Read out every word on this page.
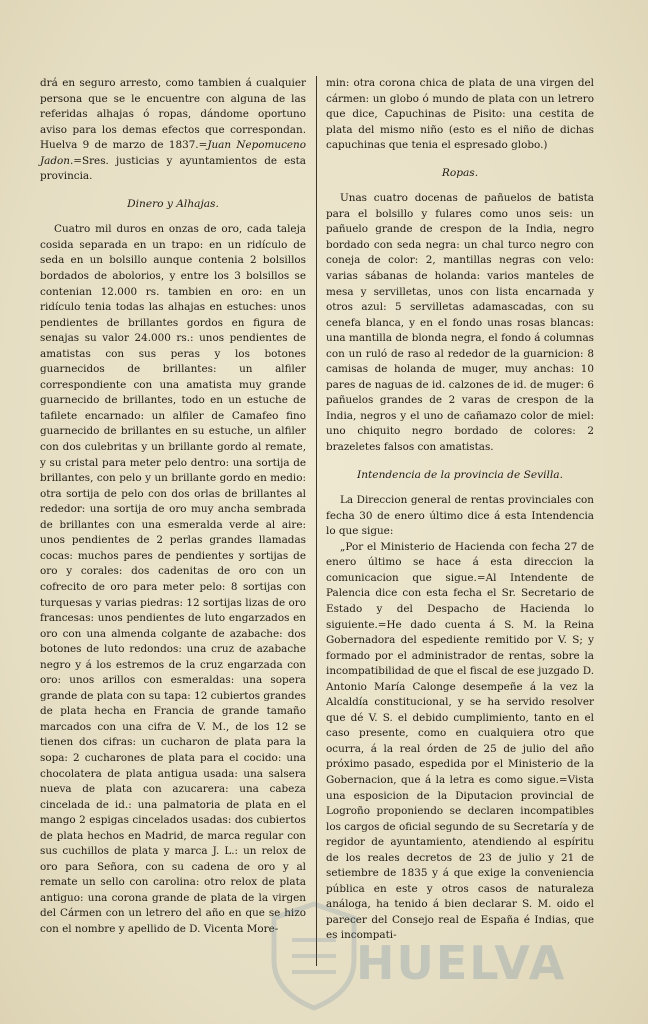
drá en seguro arresto, como tambien á cualquier persona que se le encuentre con alguna de las referidas alhajas ó ropas, dándome oportuno aviso para los demas efectos que correspondan. Huelva 9 de marzo de 1837.=Juan Nepomuceno Jadon.=Sres. justicias y ayuntamientos de esta provincia.

Dinero y Alhajas.

Cuatro mil duros en onzas de oro, cada taleja cosida separada en un trapo: en un ridículo de seda en un bolsillo aunque contenia 2 bolsillos bordados de abolorios, y entre los 3 bolsillos se contenian 12.000 rs. tambien en oro: en un ridículo tenia todas las alhajas en estuches: unos pendientes de brillantes gordos en figura de senajas su valor 24.000 rs.: unos pendientes de amatistas con sus peras y los botones guarnecidos de brillantes: un alfiler correspondiente con una amatista muy grande guarnecido de brillantes, todo en un estuche de tafilete encarnado: un alfiler de Camafeo fino guarnecido de brillantes en su estuche, un alfiler con dos culebritas y un brillante gordo al remate, y su cristal para meter pelo dentro: una sortija de brillantes, con pelo y un brillante gordo en medio: otra sortija de pelo con dos orlas de brillantes al rededor: una sortija de oro muy ancha sembrada de brillantes con una esmeralda verde al aire: unos pendientes de 2 perlas grandes llamadas cocas: muchos pares de pendientes y sortijas de oro y corales: dos cadenitas de oro con un cofrecito de oro para meter pelo: 8 sortijas con turquesas y varias piedras: 12 sortijas lizas de oro francesas: unos pendientes de luto engarzados en oro con una almenda colgante de azabache: dos botones de luto redondos: una cruz de azabache negro y á los estremos de la cruz engarzada con oro: unos arillos con esmeraldas: una sopera grande de plata con su tapa: 12 cubiertos grandes de plata hecha en Francia de grande tamaño marcados con una cifra de V. M., de los 12 se tienen dos cifras: un cucharon de plata para la sopa: 2 cucharones de plata para el cocido: una chocolatera de plata antigua usada: una salsera nueva de plata con azucarera: una cabeza cincelada de id.: una palmatoria de plata en el mango 2 espigas cincelados usadas: dos cubiertos de plata hechos en Madrid, de marca regular con sus cuchillos de plata y marca J. L.: un relox de oro para Señora, con su cadena de oro y al remate un sello con carolina: otro relox de plata antiguo: una corona grande de plata de la virgen del Cármen con un letrero del año en que se hizo con el nombre y apellido de D. Vicenta More-

min: otra corona chica de plata de una virgen del cármen: un globo ó mundo de plata con un letrero que dice, Capuchinas de Pisito: una cestita de plata del mismo niño (esto es el niño de dichas capuchinas que tenia el espresado globo.)

Ropas.

Unas cuatro docenas de pañuelos de batista para el bolsillo y fulares como unos seis: un pañuelo grande de crespon de la India, negro bordado con seda negra: un chal turco negro con coneja de color: 2, mantillas negras con velo: varias sábanas de holanda: varios manteles de mesa y servilletas, unos con lista encarnada y otros azul: 5 servilletas adamascadas, con su cenefa blanca, y en el fondo unas rosas blancas: una mantilla de blonda negra, el fondo á columnas con un ruló de raso al rededor de la guarnicion: 8 camisas de holanda de muger, muy anchas: 10 pares de naguas de id. calzones de id. de muger: 6 pañuelos grandes de 2 varas de crespon de la India, negros y el uno de cañamazo color de miel: uno chiquito negro bordado de colores: 2 brazeletes falsos con amatistas.

Intendencia de la provincia de Sevilla.

La Direccion general de rentas provinciales con fecha 30 de enero último dice á esta Intendencia lo que sigue:

„Por el Ministerio de Hacienda con fecha 27 de enero último se hace á esta direccion la comunicacion que sigue.=Al Intendente de Palencia dice con esta fecha el Sr. Secretario de Estado y del Despacho de Hacienda lo siguiente.=He dado cuenta á S. M. la Reina Gobernadora del espediente remitido por V. S; y formado por el administrador de rentas, sobre la incompatibilidad de que el fiscal de ese juzgado D. Antonio María Calonge desempeñe á la vez la Alcaldía constitucional, y se ha servido resolver que dé V. S. el debido cumplimiento, tanto en el caso presente, como en cualquiera otro que ocurra, á la real órden de 25 de julio del año próximo pasado, espedida por el Ministerio de la Gobernacion, que á la letra es como sigue.=Vista una esposicion de la Diputacion provincial de Logroño proponiendo se declaren incompatibles los cargos de oficial segundo de su Secretaría y de regidor de ayuntamiento, atendiendo al espíritu de los reales decretos de 23 de julio y 21 de setiembre de 1835 y á que exige la conveniencia pública en este y otros casos de naturaleza análoga, ha tenido á bien declarar S. M. oido el parecer del Consejo real de España é Indias, que es incompati-

HUELVA
